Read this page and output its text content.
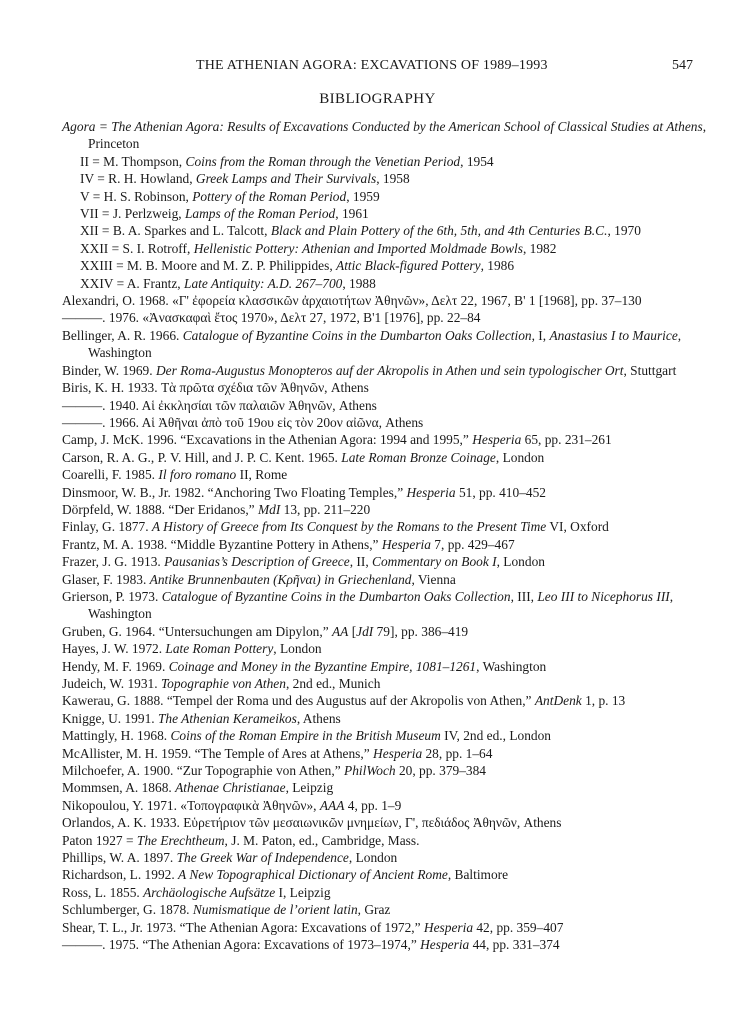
THE ATHENIAN AGORA: EXCAVATIONS OF 1989–1993	547
BIBLIOGRAPHY

Agora = The Athenian Agora: Results of Excavations Conducted by the American School of Classical Studies at Athens, Princeton

II = M. Thompson, Coins from the Roman through the Venetian Period, 1954

IV = R. H. Howland, Greek Lamps and Their Survivals, 1958

V = H. S. Robinson, Pottery of the Roman Period, 1959

VII = J. Perlzweig, Lamps of the Roman Period, 1961

XII = B. A. Sparkes and L. Talcott, Black and Plain Pottery of the 6th, 5th, and 4th Centuries B.C., 1970

XXII = S. I. Rotroff, Hellenistic Pottery: Athenian and Imported Moldmade Bowls, 1982

XXIII = M. B. Moore and M. Z. P. Philippides, Attic Black-figured Pottery, 1986

XXIV = A. Frantz, Late Antiquity: A.D. 267–700, 1988

Alexandri, O. 1968. «Γ' ἐφορεία κλασσικῶν ἀρχαιοτήτων Ἀθηνῶν», Δελτ 22, 1967, Β' 1 [1968], pp. 37–130

———. 1976. «Ἀνασκαφαὶ ἔτος 1970», Δελτ 27, 1972, Β'1 [1976], pp. 22–84

Bellinger, A. R. 1966. Catalogue of Byzantine Coins in the Dumbarton Oaks Collection, I, Anastasius I to Maurice, Washington

Binder, W. 1969. Der Roma-Augustus Monopteros auf der Akropolis in Athen und sein typologischer Ort, Stuttgart

Biris, K. H. 1933. Τὰ πρῶτα σχέδια τῶν Ἀθηνῶν, Athens

———. 1940. Αἱ ἐκκλησίαι τῶν παλαιῶν Ἀθηνῶν, Athens

———. 1966. Αἱ Ἀθῆναι ἀπὸ τοῦ 19ου εἰς τὸν 20ον αἰῶνα, Athens

Camp, J. McK. 1996. “Excavations in the Athenian Agora: 1994 and 1995,” Hesperia 65, pp. 231–261

Carson, R. A. G., P. V. Hill, and J. P. C. Kent. 1965. Late Roman Bronze Coinage, London

Coarelli, F. 1985. Il foro romano II, Rome

Dinsmoor, W. B., Jr. 1982. “Anchoring Two Floating Temples,” Hesperia 51, pp. 410–452

Dörpfeld, W. 1888. “Der Eridanos,” MdI 13, pp. 211–220

Finlay, G. 1877. A History of Greece from Its Conquest by the Romans to the Present Time VI, Oxford

Frantz, M. A. 1938. “Middle Byzantine Pottery in Athens,” Hesperia 7, pp. 429–467

Frazer, J. G. 1913. Pausanias’s Description of Greece, II, Commentary on Book I, London

Glaser, F. 1983. Antike Brunnenbauten (Κρῆναι) in Griechenland, Vienna

Grierson, P. 1973. Catalogue of Byzantine Coins in the Dumbarton Oaks Collection, III, Leo III to Nicephorus III, Washington

Gruben, G. 1964. “Untersuchungen am Dipylon,” AA [JdI 79], pp. 386–419

Hayes, J. W. 1972. Late Roman Pottery, London

Hendy, M. F. 1969. Coinage and Money in the Byzantine Empire, 1081–1261, Washington

Judeich, W. 1931. Topographie von Athen, 2nd ed., Munich

Kawerau, G. 1888. “Tempel der Roma und des Augustus auf der Akropolis von Athen,” AntDenk 1, p. 13

Knigge, U. 1991. The Athenian Kerameikos, Athens

Mattingly, H. 1968. Coins of the Roman Empire in the British Museum IV, 2nd ed., London

McAllister, M. H. 1959. “The Temple of Ares at Athens,” Hesperia 28, pp. 1–64

Milchoefer, A. 1900. “Zur Topographie von Athen,” PhilWoch 20, pp. 379–384

Mommsen, A. 1868. Athenae Christianae, Leipzig

Nikopoulou, Y. 1971. «Τοπογραφικὰ Ἀθηνῶν», AAA 4, pp. 1–9

Orlandos, A. K. 1933. Εὑρετήριον τῶν μεσαιωνικῶν μνημείων, Γ', πεδιάδος Ἀθηνῶν, Athens

Paton 1927 = The Erechtheum, J. M. Paton, ed., Cambridge, Mass.

Phillips, W. A. 1897. The Greek War of Independence, London

Richardson, L. 1992. A New Topographical Dictionary of Ancient Rome, Baltimore

Ross, L. 1855. Archäologische Aufsätze I, Leipzig

Schlumberger, G. 1878. Numismatique de l’orient latin, Graz

Shear, T. L., Jr. 1973. “The Athenian Agora: Excavations of 1972,” Hesperia 42, pp. 359–407

———. 1975. “The Athenian Agora: Excavations of 1973–1974,” Hesperia 44, pp. 331–374
